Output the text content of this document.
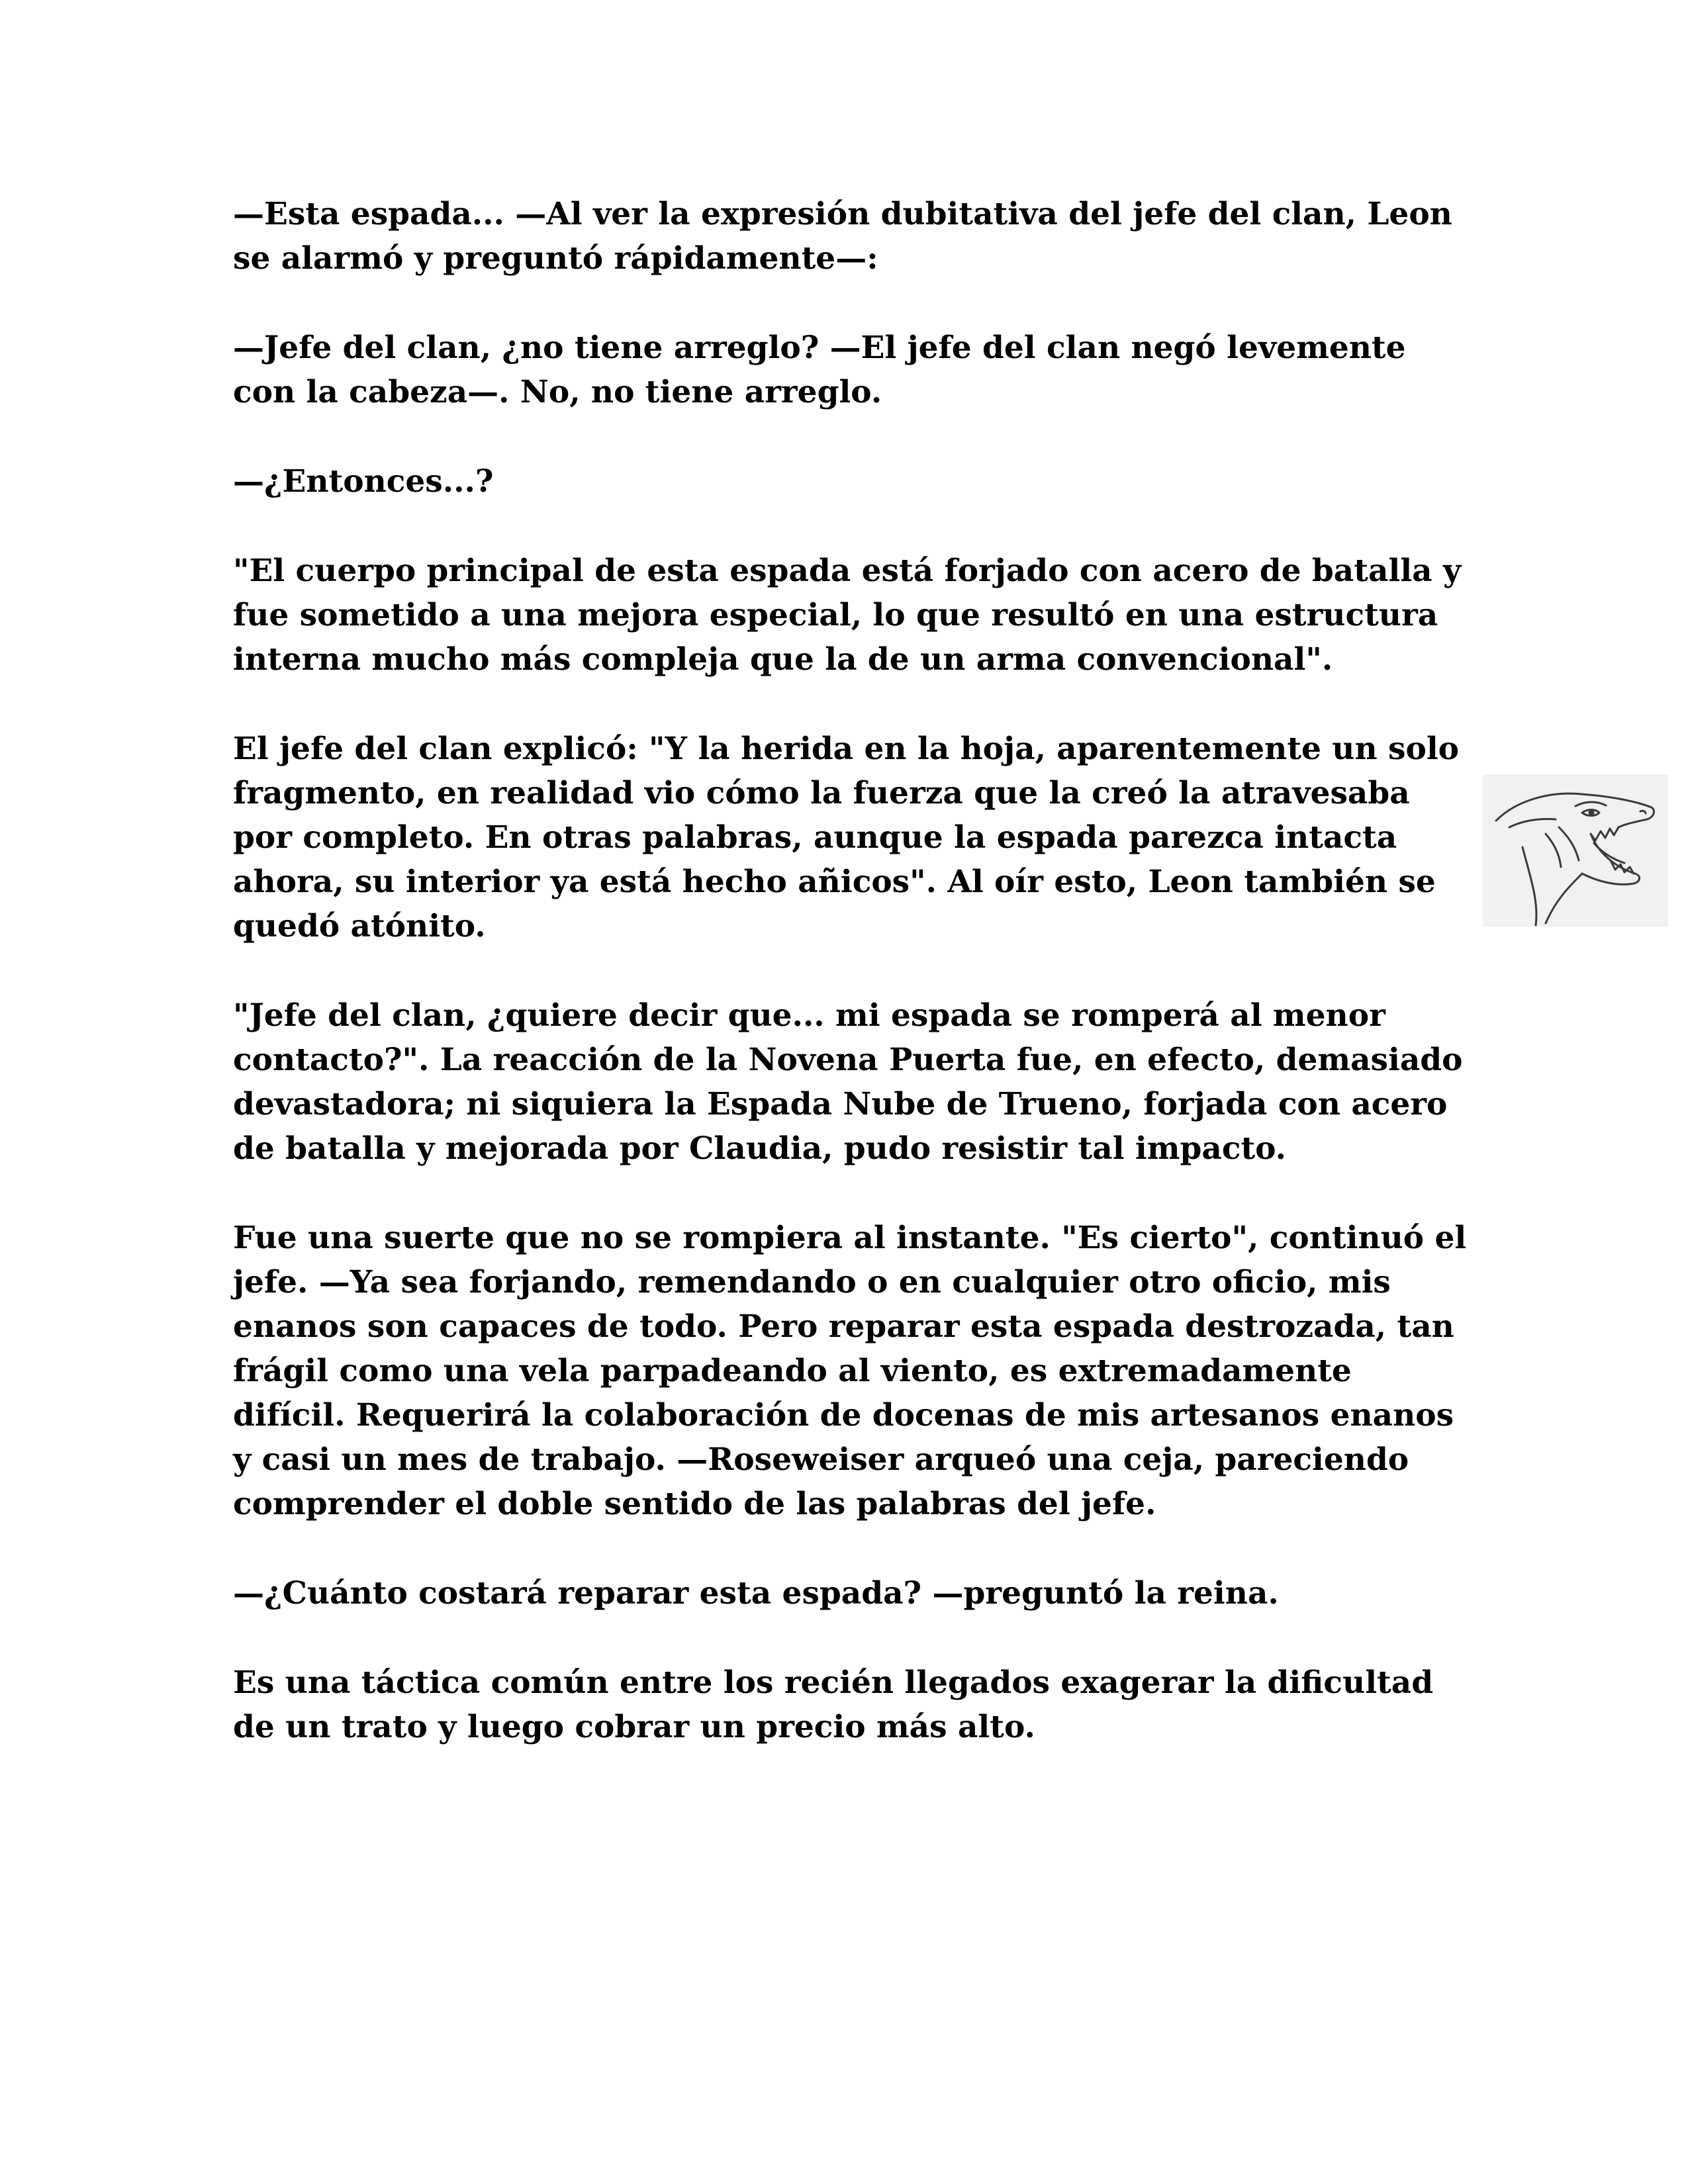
—Esta espada... —Al ver la expresión dubitativa del jefe del clan, Leon se alarmó y preguntó rápidamente—:

—Jefe del clan, ¿no tiene arreglo? —El jefe del clan negó levemente con la cabeza—. No, no tiene arreglo.

—¿Entonces...?

"El cuerpo principal de esta espada está forjado con acero de batalla y fue sometido a una mejora especial, lo que resultó en una estructura interna mucho más compleja que la de un arma convencional".

El jefe del clan explicó: "Y la herida en la hoja, aparentemente un solo fragmento, en realidad vio cómo la fuerza que la creó la atravesaba por completo. En otras palabras, aunque la espada parezca intacta ahora, su interior ya está hecho añicos". Al oír esto, Leon también se quedó atónito.

"Jefe del clan, ¿quiere decir que... mi espada se romperá al menor contacto?". La reacción de la Novena Puerta fue, en efecto, demasiado devastadora; ni siquiera la Espada Nube de Trueno, forjada con acero de batalla y mejorada por Claudia, pudo resistir tal impacto.

Fue una suerte que no se rompiera al instante. "Es cierto", continuó el jefe. —Ya sea forjando, remendando o en cualquier otro oficio, mis enanos son capaces de todo. Pero reparar esta espada destrozada, tan frágil como una vela parpadeando al viento, es extremadamente difícil. Requerirá la colaboración de docenas de mis artesanos enanos y casi un mes de trabajo. —Roseweiser arqueó una ceja, pareciendo comprender el doble sentido de las palabras del jefe.

—¿Cuánto costará reparar esta espada? —preguntó la reina.

Es una táctica común entre los recién llegados exagerar la dificultad de un trato y luego cobrar un precio más alto.
